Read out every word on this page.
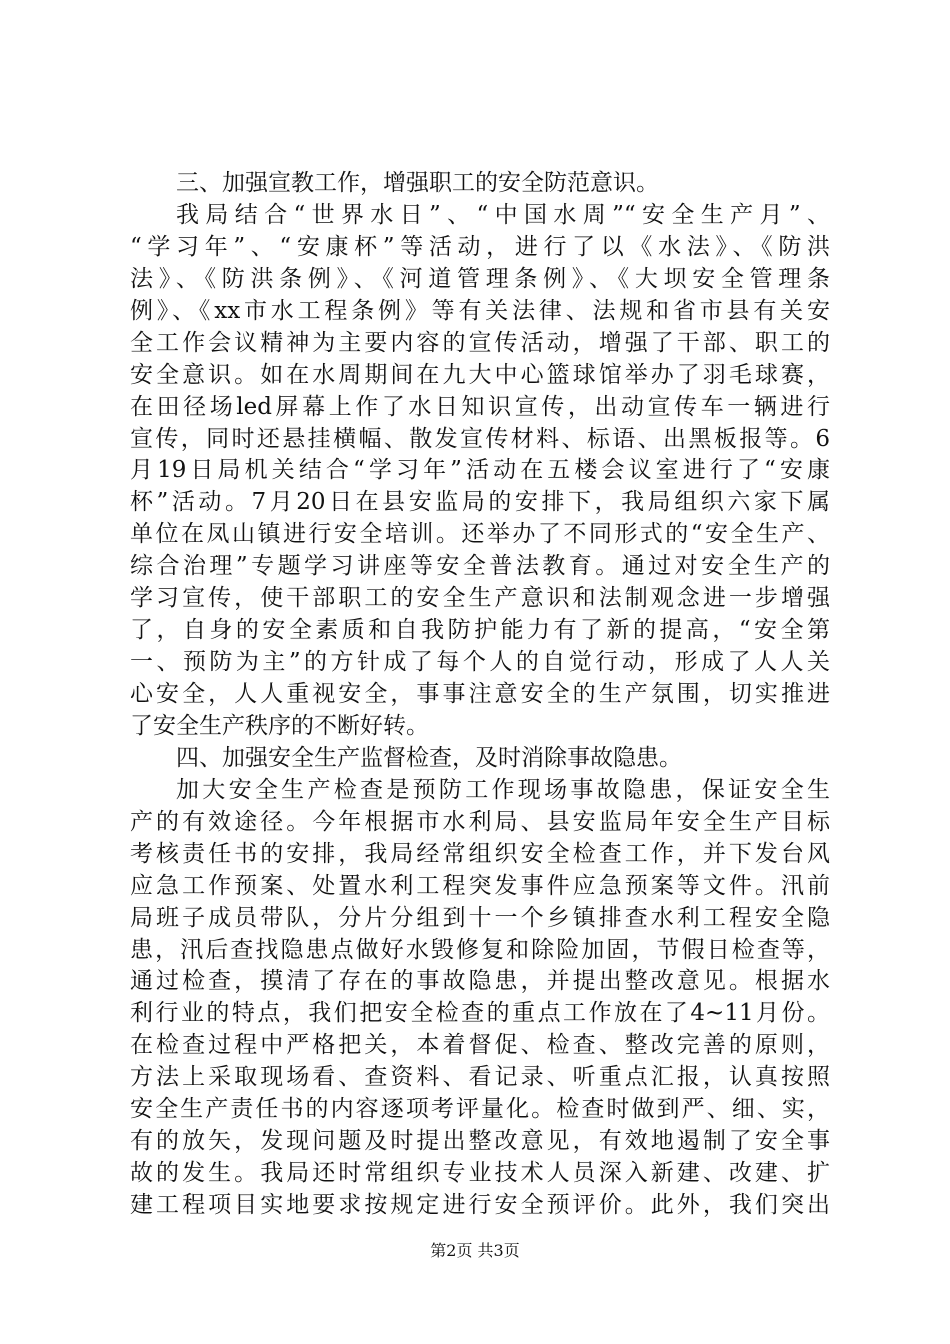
三、加强宣教工作，增强职工的安全防范意识。
我局结合“世界水日”、“中国水周”“安全生产月”、
“学习年”、“安康杯”等活动，进行了以《水法》、《防洪
法》、《防洪条例》、《河道管理条例》、《大坝安全管理条
例》、《xx市水工程条例》等有关法律、法规和省市县有关安
全工作会议精神为主要内容的宣传活动，增强了干部、职工的
安全意识。如在水周期间在九大中心篮球馆举办了羽毛球赛，
在田径场led屏幕上作了水日知识宣传，出动宣传车一辆进行
宣传，同时还悬挂横幅、散发宣传材料、标语、出黑板报等。6
月19日局机关结合“学习年”活动在五楼会议室进行了“安康
杯”活动。7月20日在县安监局的安排下，我局组织六家下属
单位在凤山镇进行安全培训。还举办了不同形式的“安全生产、
综合治理”专题学习讲座等安全普法教育。通过对安全生产的
学习宣传，使干部职工的安全生产意识和法制观念进一步增强
了，自身的安全素质和自我防护能力有了新的提高，“安全第
一、预防为主”的方针成了每个人的自觉行动，形成了人人关
心安全，人人重视安全，事事注意安全的生产氛围，切实推进
了安全生产秩序的不断好转。
四、加强安全生产监督检查，及时消除事故隐患。
加大安全生产检查是预防工作现场事故隐患，保证安全生
产的有效途径。今年根据市水利局、县安监局年安全生产目标
考核责任书的安排，我局经常组织安全检查工作，并下发台风
应急工作预案、处置水利工程突发事件应急预案等文件。汛前
局班子成员带队，分片分组到十一个乡镇排查水利工程安全隐
患，汛后查找隐患点做好水毁修复和除险加固，节假日检查等，
通过检查，摸清了存在的事故隐患，并提出整改意见。根据水
利行业的特点，我们把安全检查的重点工作放在了4~11月份。
在检查过程中严格把关，本着督促、检查、整改完善的原则，
方法上采取现场看、查资料、看记录、听重点汇报，认真按照
安全生产责任书的内容逐项考评量化。检查时做到严、细、实，
有的放矢，发现问题及时提出整改意见，有效地遏制了安全事
故的发生。我局还时常组织专业技术人员深入新建、改建、扩
建工程项目实地要求按规定进行安全预评价。此外，我们突出
第2页 共3页
